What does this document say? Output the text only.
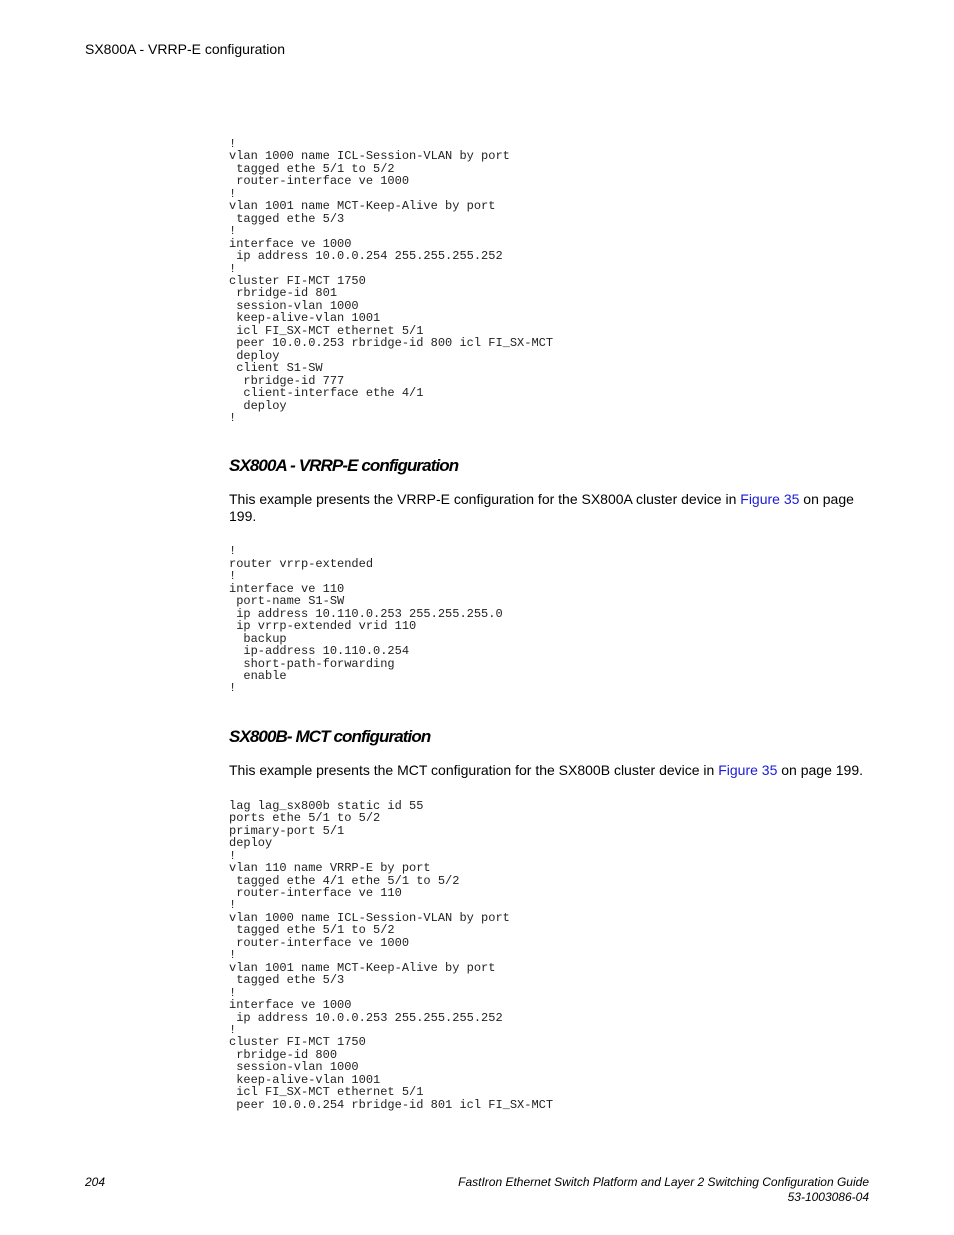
SX800A - VRRP-E configuration
!
vlan 1000 name ICL-Session-VLAN by port
tagged ethe 5/1 to 5/2
router-interface ve 1000
!
vlan 1001 name MCT-Keep-Alive by port
tagged ethe 5/3
!
interface ve 1000
ip address 10.0.0.254 255.255.255.252
!
cluster FI-MCT 1750
rbridge-id 801
session-vlan 1000
keep-alive-vlan 1001
icl FI_SX-MCT ethernet 5/1
peer 10.0.0.253 rbridge-id 800 icl FI_SX-MCT
deploy
client S1-SW
rbridge-id 777
client-interface ethe 4/1
deploy
!
SX800A - VRRP-E configuration

This example presents the VRRP-E configuration for the SX800A cluster device in Figure 35 on page 199.

!
router vrrp-extended
!
interface ve 110
port-name S1-SW
ip address 10.110.0.253 255.255.255.0
ip vrrp-extended vrid 110
backup
ip-address 10.110.0.254
short-path-forwarding
enable
!
SX800B- MCT configuration

This example presents the MCT configuration for the SX800B cluster device in Figure 35 on page 199.

lag lag_sx800b static id 55
ports ethe 5/1 to 5/2
primary-port 5/1
deploy
!
vlan 110 name VRRP-E by port
tagged ethe 4/1 ethe 5/1 to 5/2
router-interface ve 110
!
vlan 1000 name ICL-Session-VLAN by port
tagged ethe 5/1 to 5/2
router-interface ve 1000
!
vlan 1001 name MCT-Keep-Alive by port
tagged ethe 5/3
!
interface ve 1000
ip address 10.0.0.253 255.255.255.252
!
cluster FI-MCT 1750
rbridge-id 800
session-vlan 1000
keep-alive-vlan 1001
icl FI_SX-MCT ethernet 5/1
peer 10.0.0.254 rbridge-id 801 icl FI_SX-MCT
204	FastIron Ethernet Switch Platform and Layer 2 Switching Configuration Guide
53-1003086-04
